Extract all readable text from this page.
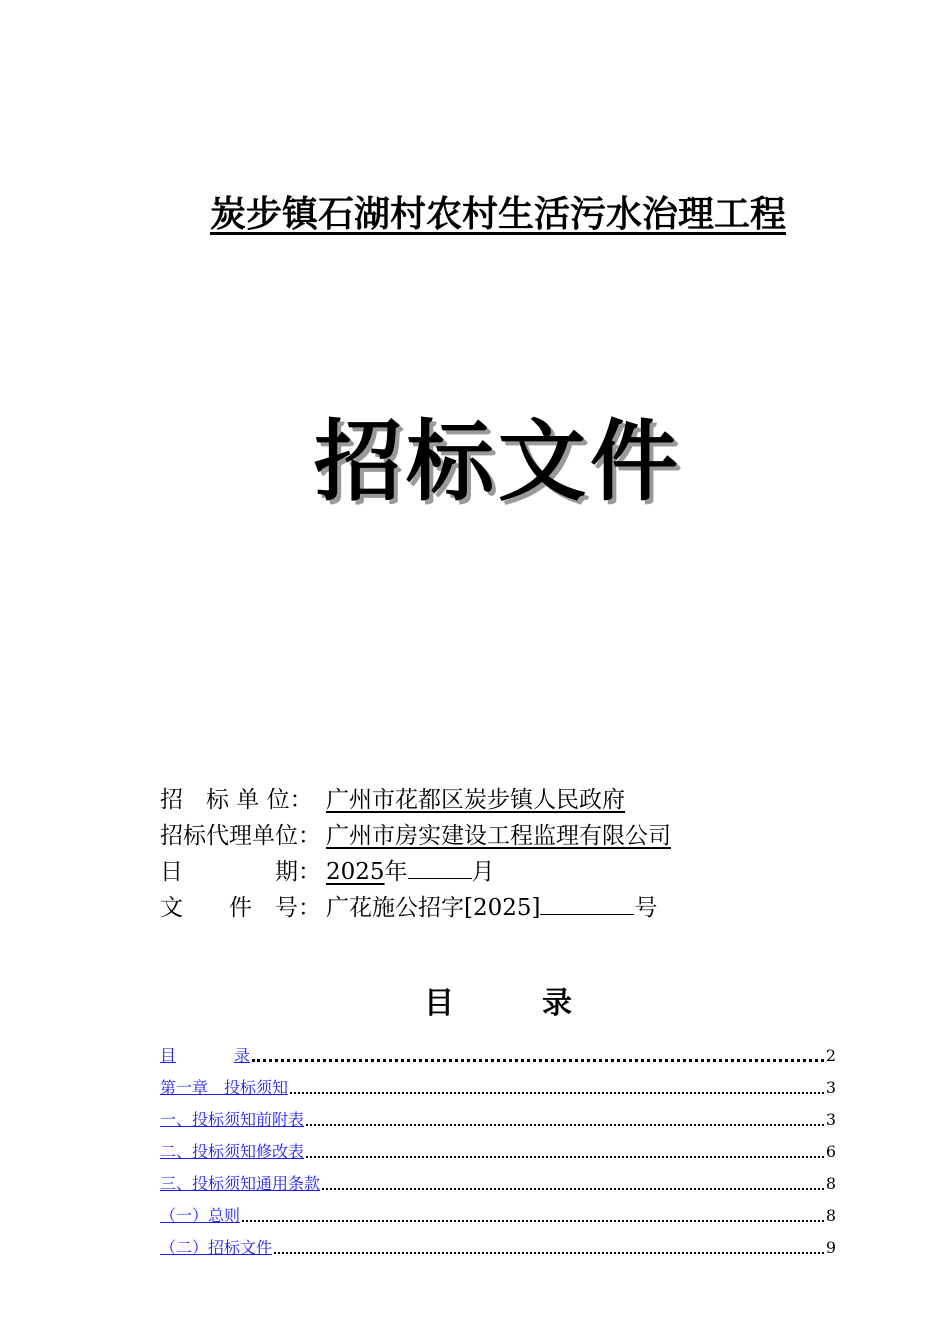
炭步镇石湖村农村生活污水治理工程
招标文件
招　标 单 位： 广州市花都区炭步镇人民政府
招标代理单位： 广州市房实建设工程监理有限公司
日　　　　期： 2025年	月
文　　件　号： 广花施公招字[2025]	号
目	录
目	录	2
第一章　投标须知	3
一、投标须知前附表	3
二、投标须知修改表	6
三、投标须知通用条款	8
（一）总则	8
（二）招标文件	9
